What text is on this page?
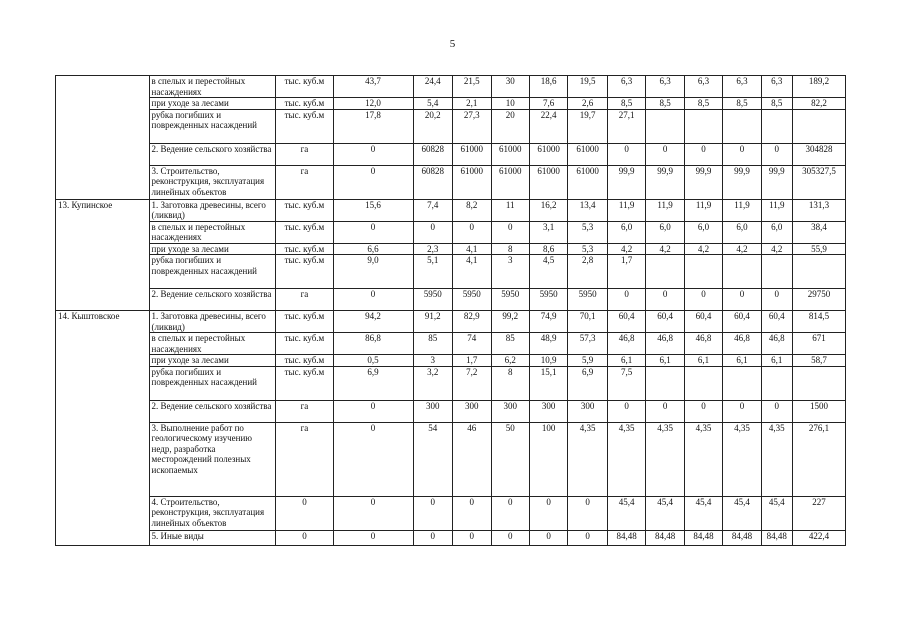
5
	в спелых и перестойных насаждениях	тыс. куб.м	43,7	24,4	21,5	30	18,6	19,5	6,3	6,3	6,3	6,3	6,3	189,2
	при уходе за лесами	тыс. куб.м	12,0	5,4	2,1	10	7,6	2,6	8,5	8,5	8,5	8,5	8,5	82,2
	рубка погибших и поврежденных насаждений	тыс. куб.м	17,8	20,2	27,3	20	22,4	19,7	27,1					
	2. Ведение сельского хозяйства	га	0	60828	61000	61000	61000	61000	0	0	0	0	0	304828
	3. Строительство, реконструкция, эксплуатация линейных объектов	га	0	60828	61000	61000	61000	61000	99,9	99,9	99,9	99,9	99,9	305327,5
13. Купинское	1. Заготовка древесины, всего (ликвид)	тыс. куб.м	15,6	7,4	8,2	11	16,2	13,4	11,9	11,9	11,9	11,9	11,9	131,3
	в спелых и перестойных насаждениях	тыс. куб.м	0	0	0	0	3,1	5,3	6,0	6,0	6,0	6,0	6,0	38,4
	при уходе за лесами	тыс. куб.м	6,6	2,3	4,1	8	8,6	5,3	4,2	4,2	4,2	4,2	4,2	55,9
	рубка погибших и поврежденных насаждений	тыс. куб.м	9,0	5,1	4,1	3	4,5	2,8	1,7					
	2. Ведение сельского хозяйства	га	0	5950	5950	5950	5950	5950	0	0	0	0	0	29750
14. Кыштовское	1. Заготовка древесины, всего (ликвид)	тыс. куб.м	94,2	91,2	82,9	99,2	74,9	70,1	60,4	60,4	60,4	60,4	60,4	814,5
	в спелых и перестойных насаждениях	тыс. куб.м	86,8	85	74	85	48,9	57,3	46,8	46,8	46,8	46,8	46,8	671
	при уходе за лесами	тыс. куб.м	0,5	3	1,7	6,2	10,9	5,9	6,1	6,1	6,1	6,1	6,1	58,7
	рубка погибших и поврежденных насаждений	тыс. куб.м	6,9	3,2	7,2	8	15,1	6,9	7,5					
	2. Ведение сельского хозяйства	га	0	300	300	300	300	300	0	0	0	0	0	1500
	3. Выполнение работ по геологическому изучению недр, разработка месторождений полезных ископаемых	га	0	54	46	50	100	4,35	4,35	4,35	4,35	4,35	4,35	276,1
	4. Строительство, реконструкция, эксплуатация линейных объектов	0	0	0	0	0	0	0	45,4	45,4	45,4	45,4	45,4	227
	5. Иные виды	0	0	0	0	0	0	0	84,48	84,48	84,48	84,48	84,48	422,4
